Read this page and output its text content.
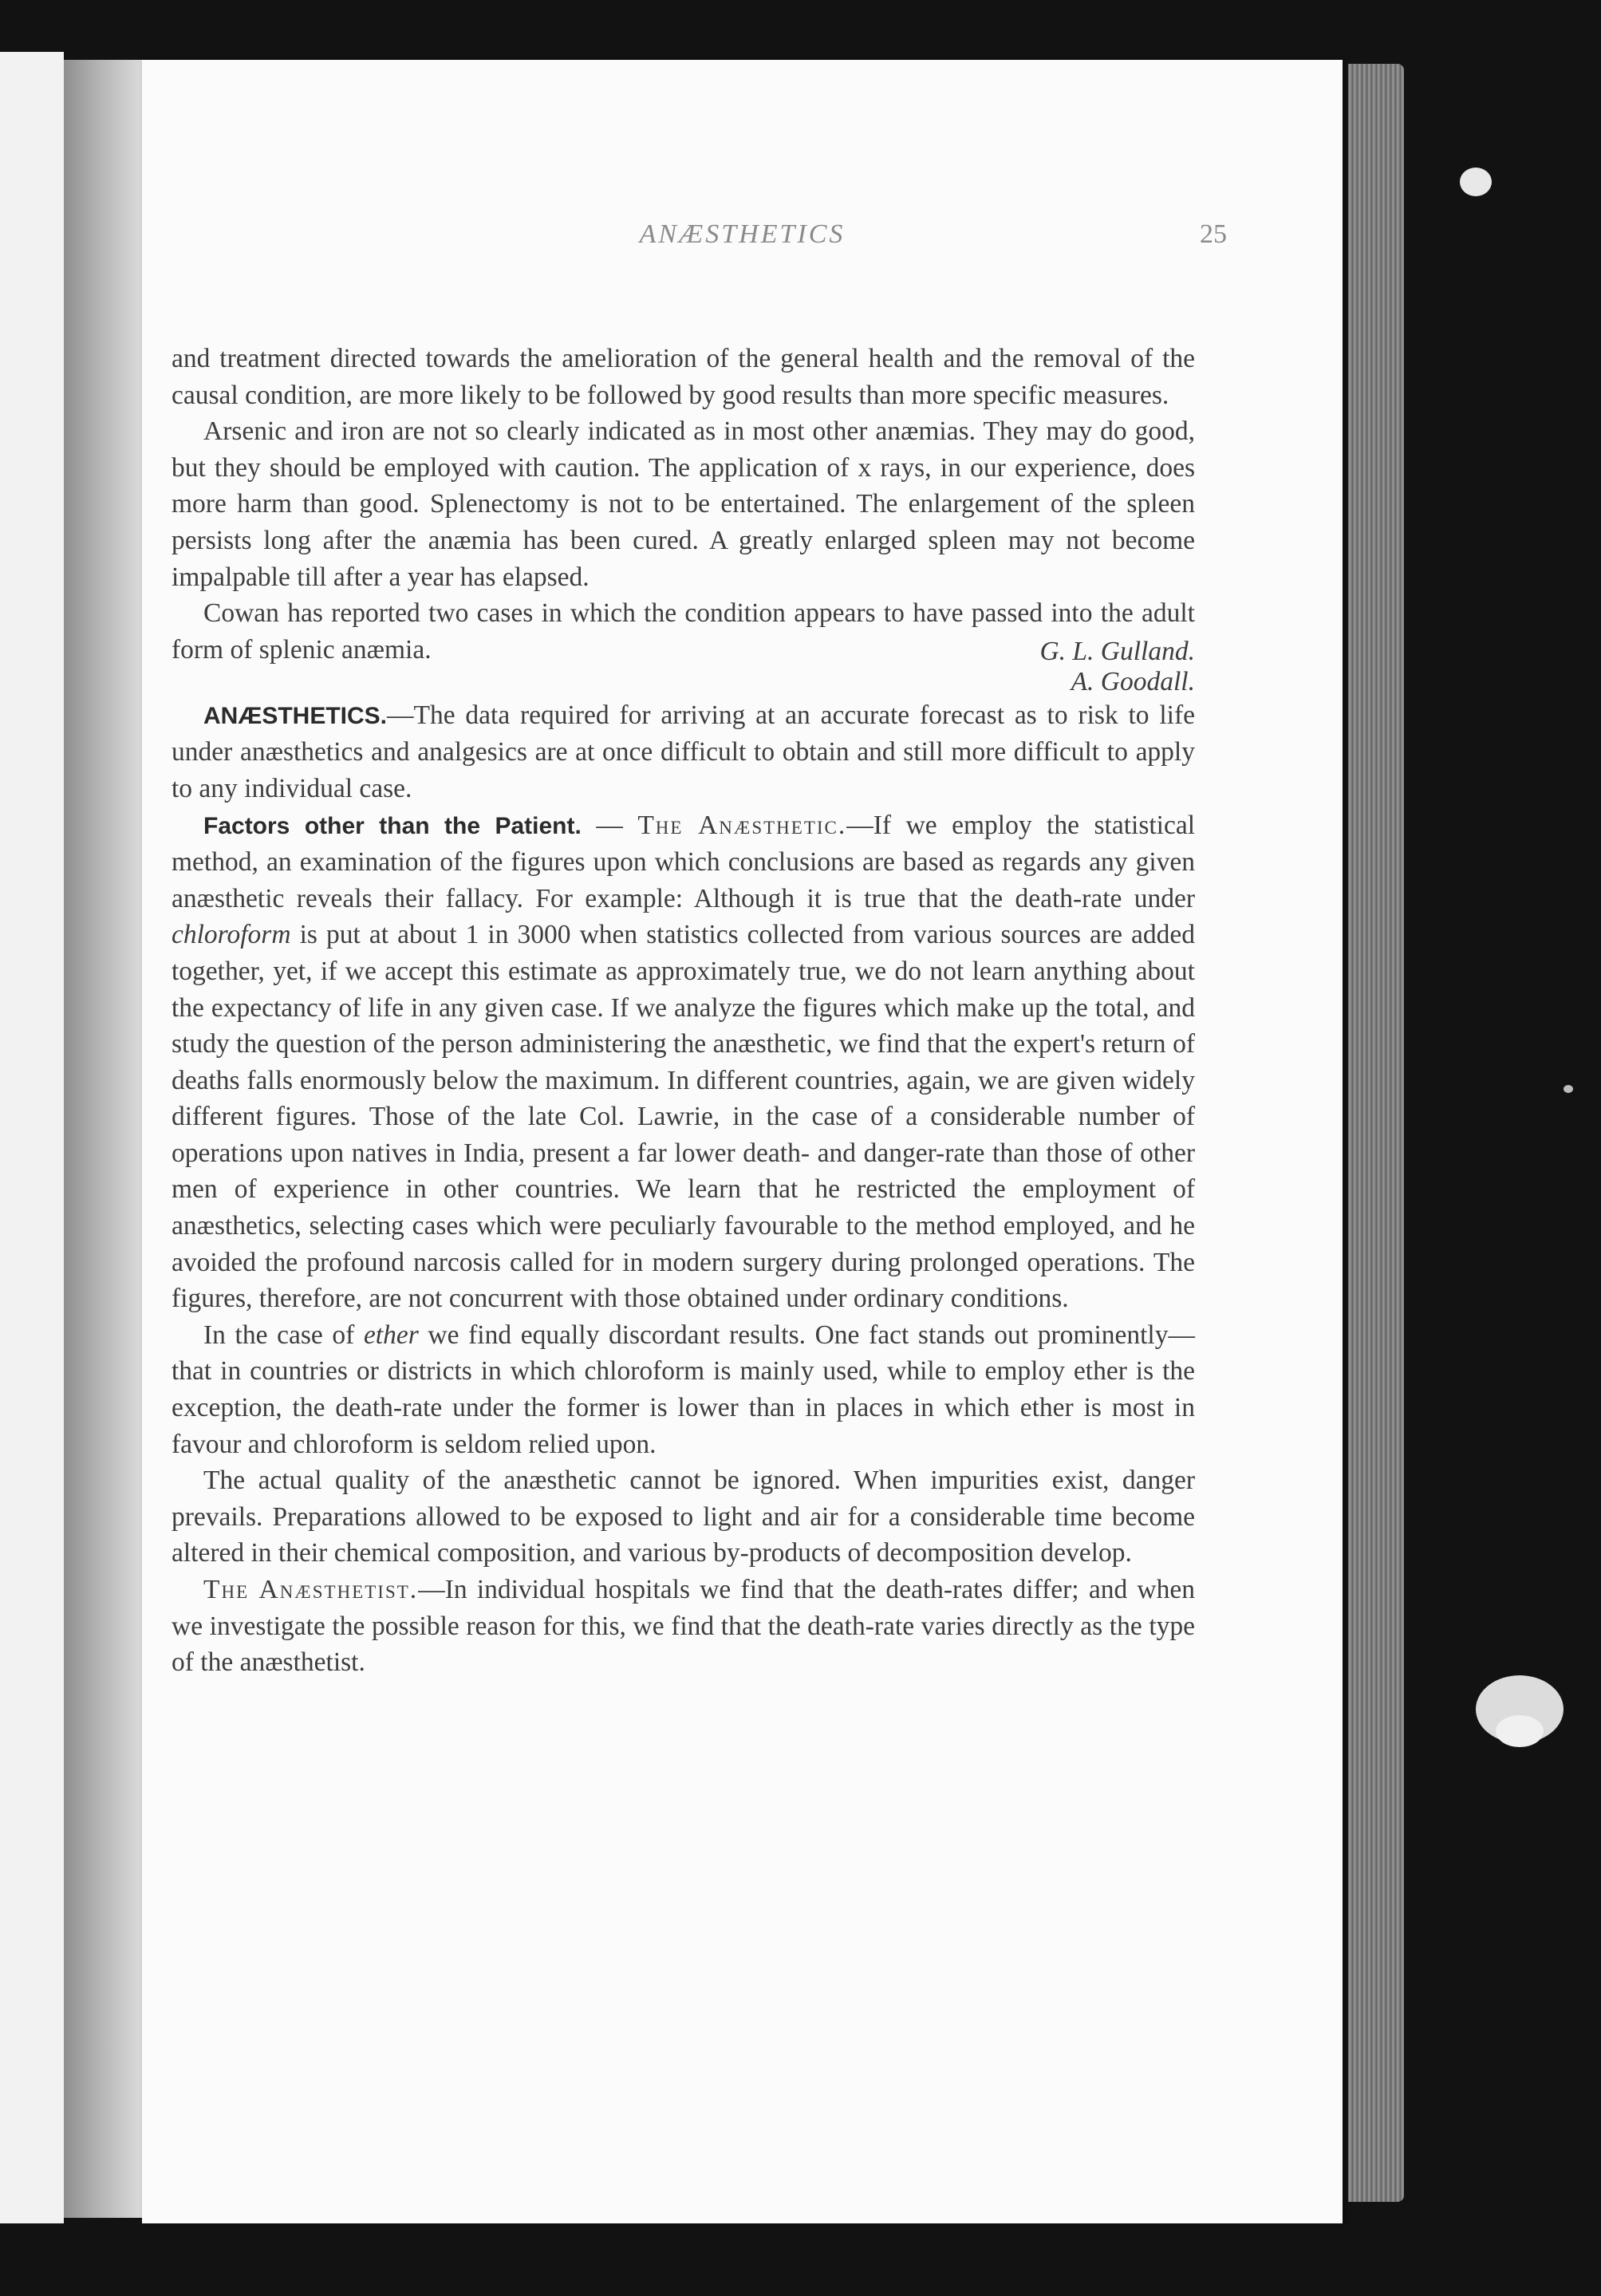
ANÆSTHETICS	25

and treatment directed towards the amelioration of the general health and the removal of the causal condition, are more likely to be followed by good results than more specific measures.

Arsenic and iron are not so clearly indicated as in most other anæmias. They may do good, but they should be employed with caution. The application of x rays, in our experience, does more harm than good. Splenectomy is not to be entertained. The enlargement of the spleen persists long after the anæmia has been cured. A greatly enlarged spleen may not become impalpable till after a year has elapsed.

Cowan has reported two cases in which the condition appears to have passed into the adult form of splenic anæmia.	G. L. Gulland.
A. Goodall.

ANÆSTHETICS.—The data required for arriving at an accurate forecast as to risk to life under anæsthetics and analgesics are at once difficult to obtain and still more difficult to apply to any individual case.

Factors other than the Patient. — The Anæsthetic.—If we employ the statistical method, an examination of the figures upon which conclusions are based as regards any given anæsthetic reveals their fallacy. For example: Although it is true that the death-rate under chloroform is put at about 1 in 3000 when statistics collected from various sources are added together, yet, if we accept this estimate as approximately true, we do not learn anything about the expectancy of life in any given case. If we analyze the figures which make up the total, and study the question of the person administering the anæsthetic, we find that the expert's return of deaths falls enormously below the maximum. In different countries, again, we are given widely different figures. Those of the late Col. Lawrie, in the case of a considerable number of operations upon natives in India, present a far lower death- and danger-rate than those of other men of experience in other countries. We learn that he restricted the employment of anæsthetics, selecting cases which were peculiarly favourable to the method employed, and he avoided the profound narcosis called for in modern surgery during prolonged operations. The figures, therefore, are not concurrent with those obtained under ordinary conditions.

In the case of ether we find equally discordant results. One fact stands out prominently—that in countries or districts in which chloroform is mainly used, while to employ ether is the exception, the death-rate under the former is lower than in places in which ether is most in favour and chloroform is seldom relied upon.

The actual quality of the anæsthetic cannot be ignored. When impurities exist, danger prevails. Preparations allowed to be exposed to light and air for a considerable time become altered in their chemical composition, and various by-products of decomposition develop.

The Anæsthetist.—In individual hospitals we find that the death-rates differ; and when we investigate the possible reason for this, we find that the death-rate varies directly as the type of the anæsthetist.
